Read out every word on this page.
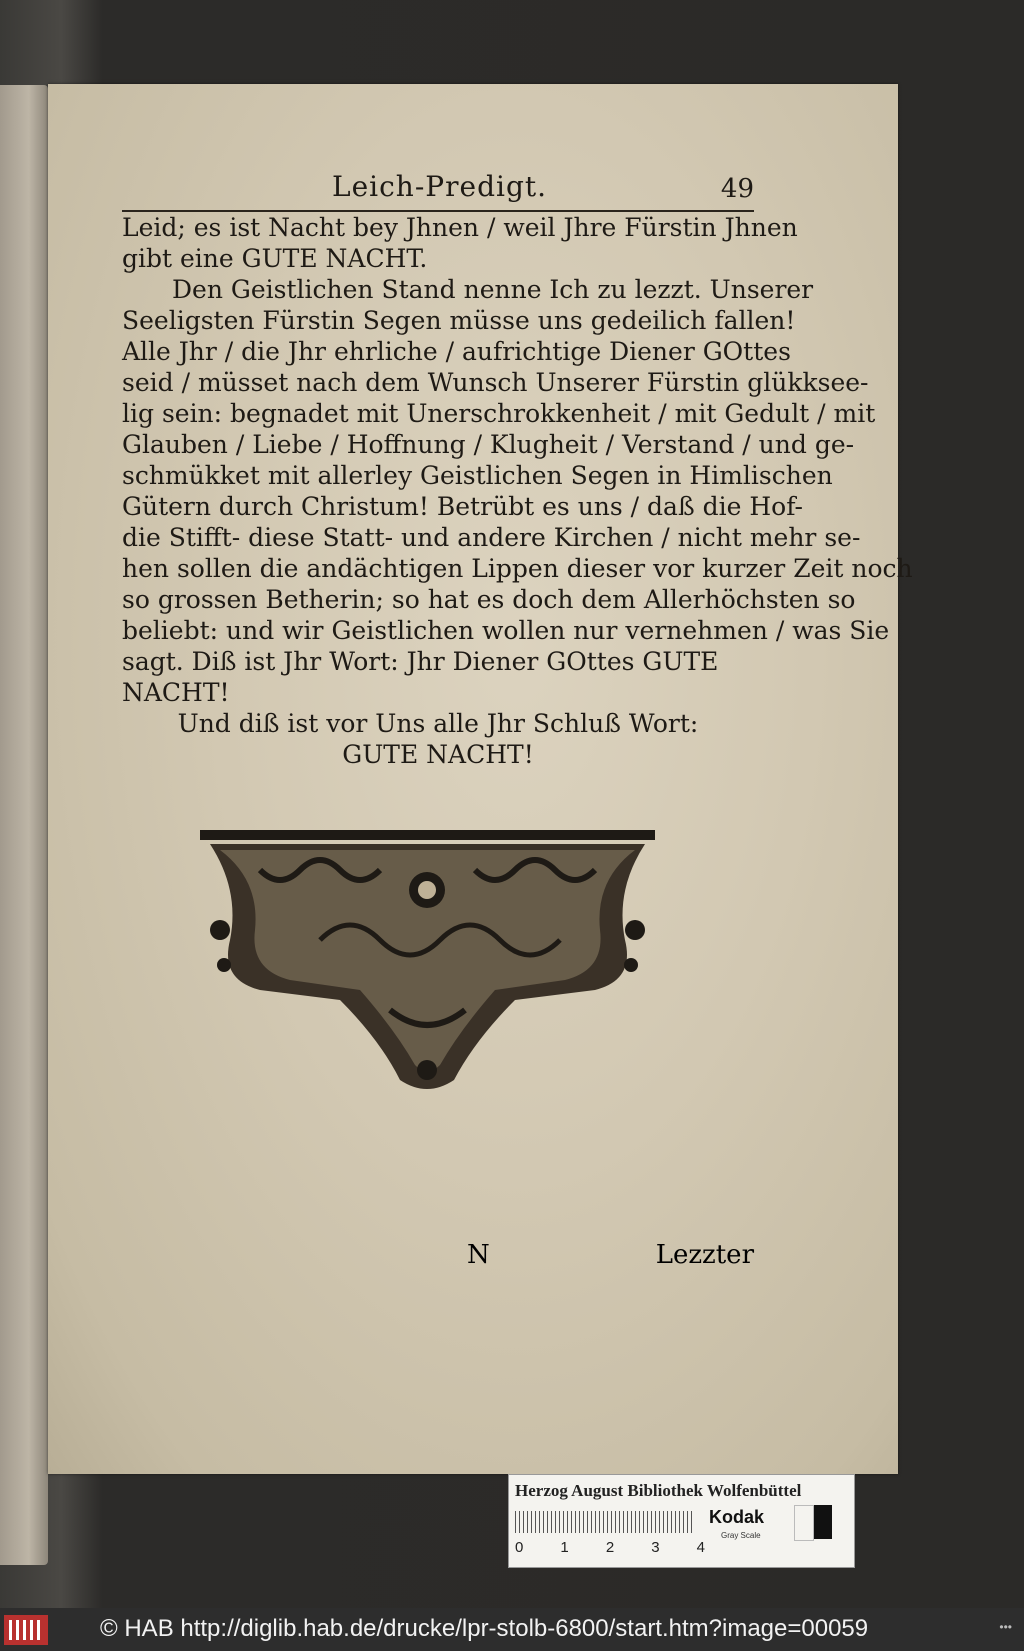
Leich-Predigt.	49
Leid; es ist Nacht bey Jhnen / weil Jhre Fürstin Jhnen
gibt eine GUTE NACHT.
Den Geistlichen Stand nenne Ich zu lezzt. Unserer
Seeligsten Fürstin Segen müsse uns gedeilich fallen!
Alle Jhr / die Jhr ehrliche / aufrichtige Diener GOttes
seid / müsset nach dem Wunsch Unserer Fürstin glükksee-
lig sein: begnadet mit Unerschrokkenheit / mit Gedult / mit
Glauben / Liebe / Hoffnung / Klugheit / Verstand / und ge-
schmükket mit allerley Geistlichen Segen in Himlischen
Gütern durch Christum! Betrübt es uns / daß die Hof-
die Stifft- diese Statt- und andere Kirchen / nicht mehr se-
hen sollen die andächtigen Lippen dieser vor kurzer Zeit noch
so grossen Betherin; so hat es doch dem Allerhöchsten so
beliebt: und wir Geistlichen wollen nur vernehmen / was Sie
sagt. Diß ist Jhr Wort: Jhr Diener GOttes GUTE
NACHT!
Und diß ist vor Uns alle Jhr Schluß Wort:
GUTE NACHT!
N	Lezzter
Herzog August Bibliothek Wolfenbüttel
0 1 2 3 4
Kodak
Gray Scale
© HAB http://diglib.hab.de/drucke/lpr-stolb-6800/start.htm?image=00059	•••
